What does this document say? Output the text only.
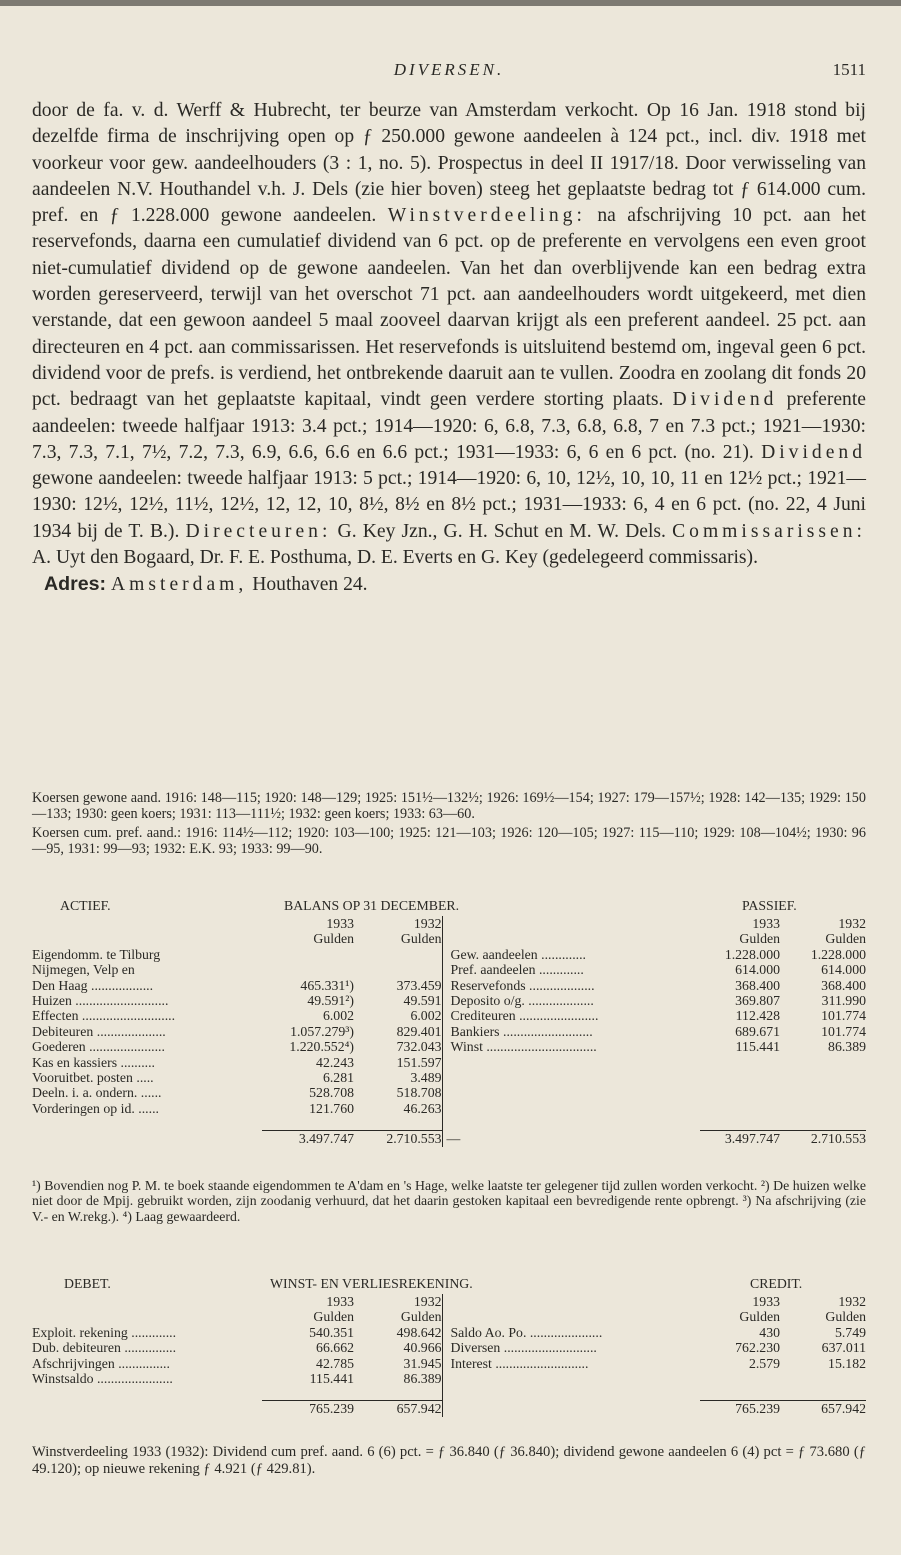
DIVERSEN.	1511

door de fa. v. d. Werff & Hubrecht, ter beurze van Amsterdam verkocht. Op 16 Jan. 1918 stond bij dezelfde firma de inschrijving open op ƒ 250.000 gewone aandeelen à 124 pct., incl. div. 1918 met voorkeur voor gew. aandeelhouders (3 : 1, no. 5). Prospectus in deel II 1917/18. Door verwisseling van aandeelen N.V. Houthandel v.h. J. Dels (zie hier boven) steeg het geplaatste bedrag tot ƒ 614.000 cum. pref. en ƒ 1.228.000 gewone aandeelen. Winstverdeeling: na afschrijving 10 pct. aan het reservefonds, daarna een cumulatief dividend van 6 pct. op de preferente en vervolgens een even groot niet-cumulatief dividend op de gewone aandeelen. Van het dan overblijvende kan een bedrag extra worden gereserveerd, terwijl van het overschot 71 pct. aan aandeelhouders wordt uitgekeerd, met dien verstande, dat een gewoon aandeel 5 maal zooveel daarvan krijgt als een preferent aandeel. 25 pct. aan directeuren en 4 pct. aan commissarissen. Het reservefonds is uitsluitend bestemd om, ingeval geen 6 pct. dividend voor de prefs. is verdiend, het ontbrekende daaruit aan te vullen. Zoodra en zoolang dit fonds 20 pct. bedraagt van het geplaatste kapitaal, vindt geen verdere storting plaats. Dividend preferente aandeelen: tweede halfjaar 1913: 3.4 pct.; 1914—1920: 6, 6.8, 7.3, 6.8, 6.8, 7 en 7.3 pct.; 1921—1930: 7.3, 7.3, 7.1, 7½, 7.2, 7.3, 6.9, 6.6, 6.6 en 6.6 pct.; 1931—1933: 6, 6 en 6 pct. (no. 21). Dividend gewone aandeelen: tweede halfjaar 1913: 5 pct.; 1914—1920: 6, 10, 12½, 10, 10, 11 en 12½ pct.; 1921—1930: 12½, 12½, 11½, 12½, 12, 12, 10, 8½, 8½ en 8½ pct.; 1931—1933: 6, 4 en 6 pct. (no. 22, 4 Juni 1934 bij de T. B.). Directeuren: G. Key Jzn., G. H. Schut en M. W. Dels. Commissarissen: A. Uyt den Bogaard, Dr. F. E. Posthuma, D. E. Everts en G. Key (gedelegeerd commissaris).

Adres: Amsterdam, Houthaven 24.

Koersen gewone aand. 1916: 148—115; 1920: 148—129; 1925: 151½—132½; 1926: 169½—154; 1927: 179—157½; 1928: 142—135; 1929: 150—133; 1930: geen koers; 1931: 113—111½; 1932: geen koers; 1933: 63—60.

Koersen cum. pref. aand.: 1916: 114½—112; 1920: 103—100; 1925: 121—103; 1926: 120—105; 1927: 115—110; 1929: 108—104½; 1930: 96—95, 1931: 99—93; 1932: E.K. 93; 1933: 99—90.

ACTIEF.	BALANS OP 31 DECEMBER.	PASSIEF.
	1933	1932		1933	1932
	Gulden	Gulden		Gulden	Gulden
Eigendomm. te Tilburg			Gew. aandeelen .............	1.228.000	1.228.000
Nijmegen, Velp en			Pref. aandeelen .............	614.000	614.000
Den Haag ..................	465.331¹)	373.459	Reservefonds ...................	368.400	368.400
Huizen ...........................	49.591²)	49.591	Deposito o/g. ...................	369.807	311.990
Effecten ...........................	6.002	6.002	Crediteuren .......................	112.428	101.774
Debiteuren ....................	1.057.279³)	829.401	Bankiers ..........................	689.671	101.774
Goederen ......................	1.220.552⁴)	732.043	Winst ................................	115.441	86.389
Kas en kassiers ..........	42.243	151.597			
Vooruitbet. posten .....	6.281	3.489			
Deeln. i. a. ondern. ......	528.708	518.708			
Vorderingen op id. ......	121.760	46.263			

	3.497.747	2.710.553	—	3.497.747	2.710.553
¹) Bovendien nog P. M. te boek staande eigendommen te A'dam en 's Hage, welke laatste ter gelegener tijd zullen worden verkocht. ²) De huizen welke niet door de Mpij. gebruikt worden, zijn zoodanig verhuurd, dat het daarin gestoken kapitaal een bevredigende rente opbrengt. ³) Na afschrijving (zie V.- en W.rekg.). ⁴) Laag gewaardeerd.
DEBET.	WINST- EN VERLIESREKENING.	CREDIT.
	1933	1932		1933	1932
	Gulden	Gulden		Gulden	Gulden
Exploit. rekening .............	540.351	498.642	Saldo Ao. Po. .....................	430	5.749
Dub. debiteuren ...............	66.662	40.966	Diversen ...........................	762.230	637.011
Afschrijvingen ...............	42.785	31.945	Interest ...........................	2.579	15.182
Winstsaldo ......................	115.441	86.389			

	765.239	657.942		765.239	657.942
Winstverdeeling 1933 (1932): Dividend cum pref. aand. 6 (6) pct. = ƒ 36.840 (ƒ 36.840); dividend gewone aandeelen 6 (4) pct = ƒ 73.680 (ƒ 49.120); op nieuwe rekening ƒ 4.921 (ƒ 429.81).
